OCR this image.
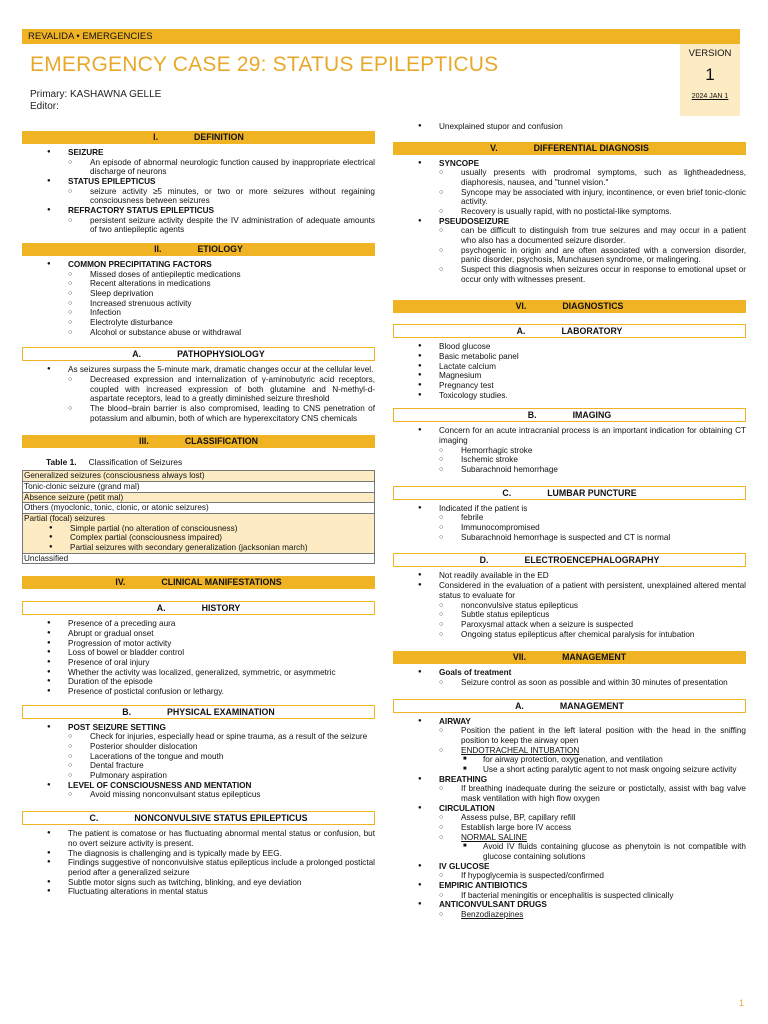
REVALIDA • EMERGENCIES
EMERGENCY CASE 29: STATUS EPILEPTICUS
Primary: KASHAWNA GELLE
Editor:
VERSION
1
2024 JAN 1
I.	DEFINITION
● SEIZURE
○ An episode of abnormal neurologic function caused by inappropriate electrical discharge of neurons
● STATUS EPILEPTICUS
○ seizure activity ≥5 minutes, or two or more seizures without regaining consciousness between seizures
● REFRACTORY STATUS EPILEPTICUS
○ persistent seizure activity despite the IV administration of adequate amounts of two antiepileptic agents
II.	ETIOLOGY
● COMMON PRECIPITATING FACTORS
○ Missed doses of antiepileptic medications
○ Recent alterations in medications
○ Sleep deprivation
○ Increased strenuous activity
○ Infection
○ Electrolyte disturbance
○ Alcohol or substance abuse or withdrawal
A.	PATHOPHYSIOLOGY
● As seizures surpass the 5-minute mark, dramatic changes occur at the cellular level.
○ Decreased expression and internalization of γ-aminobutyric acid receptors, coupled with increased expression of both glutamine and N-methyl-d-aspartate receptors, lead to a greatly diminished seizure threshold
○ The blood–brain barrier is also compromised, leading to CNS penetration of potassium and albumin, both of which are hyperexcitatory CNS chemicals
III.	CLASSIFICATION
Table 1. Classification of Seizures
Generalized seizures (consciousness always lost)
Tonic-clonic seizure (grand mal)
Absence seizure (petit mal)
Others (myoclonic, tonic, clonic, or atonic seizures)

Partial (focal) seizures
● Simple partial (no alteration of consciousness)
● Complex partial (consciousness impaired)
● Partial seizures with secondary generalization (jacksonian march)

Unclassified
IV.	CLINICAL MANIFESTATIONS
A.	HISTORY
● Presence of a preceding aura
● Abrupt or gradual onset
● Progression of motor activity
● Loss of bowel or bladder control
● Presence of oral injury
● Whether the activity was localized, generalized, symmetric, or asymmetric
● Duration of the episode
● Presence of postictal confusion or lethargy.
B.	PHYSICAL EXAMINATION
● POST SEIZURE SETTING
○ Check for injuries, especially head or spine trauma, as a result of the seizure
○ Posterior shoulder dislocation
○ Lacerations of the tongue and mouth
○ Dental fracture
○ Pulmonary aspiration
● LEVEL OF CONSCIOUSNESS AND MENTATION
○ Avoid missing nonconvulsant status epilepticus
C.	NONCONVULSIVE STATUS EPILEPTICUS
● The patient is comatose or has fluctuating abnormal mental status or confusion, but no overt seizure activity is present.
● The diagnosis is challenging and is typically made by EEG.
● Findings suggestive of nonconvulsive status epilepticus include a prolonged postictal period after a generalized seizure
● Subtle motor signs such as twitching, blinking, and eye deviation
● Fluctuating alterations in mental status
● Unexplained stupor and confusion
V.	DIFFERENTIAL DIAGNOSIS
● SYNCOPE
○ usually presents with prodromal symptoms, such as lightheadedness, diaphoresis, nausea, and "tunnel vision."
○ Syncope may be associated with injury, incontinence, or even brief tonic-clonic activity.
○ Recovery is usually rapid, with no postictal-like symptoms.
● PSEUDOSEIZURE
○ can be difficult to distinguish from true seizures and may occur in a patient who also has a documented seizure disorder.
○ psychogenic in origin and are often associated with a conversion disorder, panic disorder, psychosis, Munchausen syndrome, or malingering.
○ Suspect this diagnosis when seizures occur in response to emotional upset or occur only with witnesses present.
VI.	DIAGNOSTICS
A.	LABORATORY
● Blood glucose
● Basic metabolic panel
● Lactate calcium
● Magnesium
● Pregnancy test
● Toxicology studies.
B.	IMAGING
● Concern for an acute intracranial process is an important indication for obtaining CT imaging
○ Hemorrhagic stroke
○ Ischemic stroke
○ Subarachnoid hemorrhage
C.	LUMBAR PUNCTURE
● Indicated if the patient is
○ febrile
○ Immunocompromised
○ Subarachnoid hemorrhage is suspected and CT is normal
D.	ELECTROENCEPHALOGRAPHY
● Not readily available in the ED
● Considered in the evaluation of a patient with persistent, unexplained altered mental status to evaluate for
○ nonconvulsive status epilepticus
○ Subtle status epilepticus
○ Paroxysmal attack when a seizure is suspected
○ Ongoing status epilepticus after chemical paralysis for intubation
VII.	MANAGEMENT
● Goals of treatment
○ Seizure control as soon as possible and within 30 minutes of presentation
A.	MANAGEMENT
● AIRWAY
○ Position the patient in the left lateral position with the head in the sniffing position to keep the airway open
○ ENDOTRACHEAL INTUBATION
■ for airway protection, oxygenation, and ventilation
■ Use a short acting paralytic agent to not mask ongoing seizure activity
● BREATHING
○ If breathing inadequate during the seizure or postictally, assist with bag valve mask ventilation with high flow oxygen
● CIRCULATION
○ Assess pulse, BP, capillary refill
○ Establish large bore IV access
○ NORMAL SALINE
■ Avoid IV fluids containing glucose as phenytoin is not compatible with glucose containing solutions
● IV GLUCOSE
○ If hypoglycemia is suspected/confirmed
● EMPIRIC ANTIBIOTICS
○ If bacterial meningitis or encephalitis is suspected clinically
● ANTICONVULSANT DRUGS
○ Benzodiazepines
1
